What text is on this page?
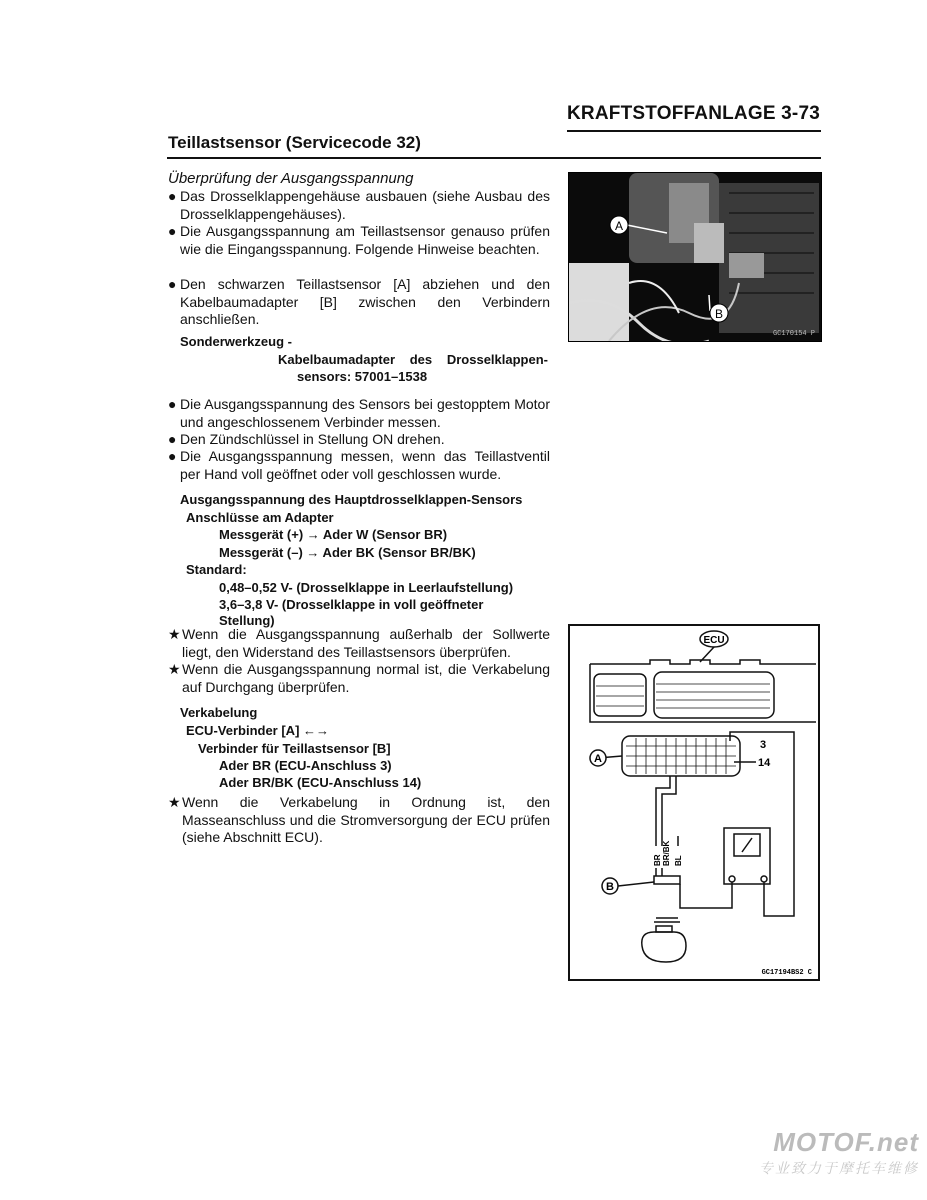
KRAFTSTOFFANLAGE 3-73
Teillastsensor (Servicecode 32)
Überprüfung der Ausgangsspannung
● Das Drosselklappengehäuse ausbauen (siehe Ausbau des Drosselklappengehäuses).
● Die Ausgangsspannung am Teillastsensor genauso prüfen wie die Eingangsspannung. Folgende Hinweise beachten.
● Den schwarzen Teillastsensor [A] abziehen und den Kabelbaumadapter [B] zwischen den Verbindern anschließen.
Sonderwerkzeug -
Kabelbaumadapter des Drosselklappen-
sensors: 57001–1538
● Die Ausgangsspannung des Sensors bei gestopptem Motor und angeschlossenem Verbinder messen.
● Den Zündschlüssel in Stellung ON drehen.
● Die Ausgangsspannung messen, wenn das Teillastventil per Hand voll geöffnet oder voll geschlossen wurde.
Ausgangsspannung des Hauptdrosselklappen-Sensors
Anschlüsse am Adapter
Messgerät (+) → Ader W (Sensor BR)
Messgerät (–) → Ader BK (Sensor BR/BK)
Standard:
0,48–0,52 V- (Drosselklappe in Leerlaufstellung)
3,6–3,8 V- (Drosselklappe in voll geöffneter
Stellung)
★ Wenn die Ausgangsspannung außerhalb der Sollwerte liegt, den Widerstand des Teillastsensors überprüfen.
★ Wenn die Ausgangsspannung normal ist, die Verkabelung auf Durchgang überprüfen.
Verkabelung
ECU-Verbinder [A] ←→
Verbinder für Teillastsensor [B]
Ader BR (ECU-Anschluss 3)
Ader BR/BK (ECU-Anschluss 14)
★ Wenn die Verkabelung in Ordnung ist, den Masseanschluss und die Stromversorgung der ECU prüfen (siehe Abschnitt ECU).
A
B
GC170154 P
ECU
A
B
3
14
BR BR/BK BL
GC17194BS2 C
MOTOF.net
专业致力于摩托车维修
